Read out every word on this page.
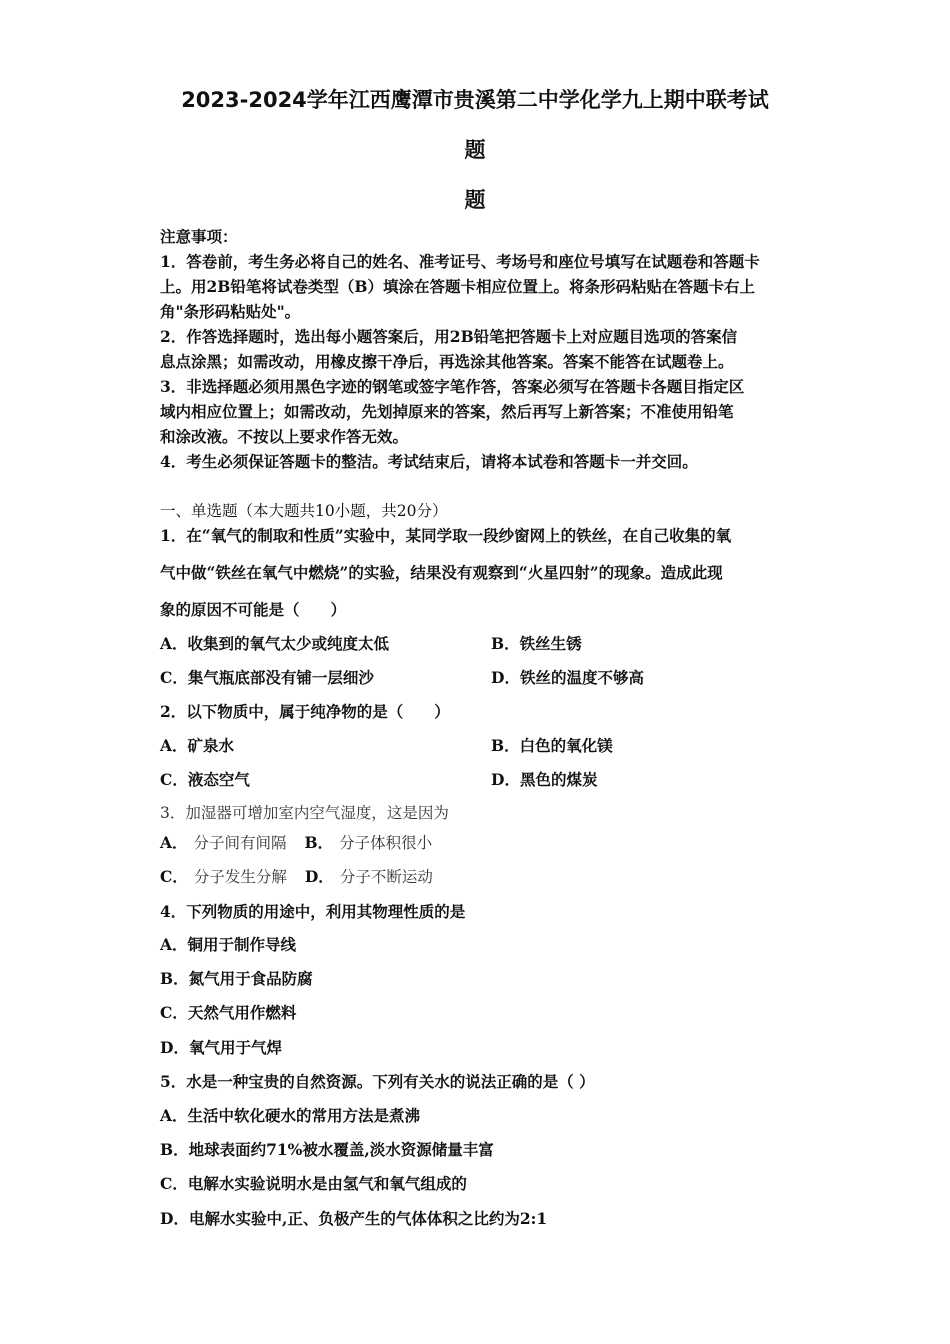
2023-2024学年江西鹰潭市贵溪第二中学化学九上期中联考试
题
题
注意事项：
1．答卷前，考生务必将自己的姓名、准考证号、考场号和座位号填写在试题卷和答题卡
上。用2B铅笔将试卷类型（B）填涂在答题卡相应位置上。将条形码粘贴在答题卡右上
角"条形码粘贴处"。
2．作答选择题时，选出每小题答案后，用2B铅笔把答题卡上对应题目选项的答案信
息点涂黑；如需改动，用橡皮擦干净后，再选涂其他答案。答案不能答在试题卷上。
3．非选择题必须用黑色字迹的钢笔或签字笔作答，答案必须写在答题卡各题目指定区
域内相应位置上；如需改动，先划掉原来的答案，然后再写上新答案；不准使用铅笔
和涂改液。不按以上要求作答无效。
4．考生必须保证答题卡的整洁。考试结束后，请将本试卷和答题卡一并交回。
一、单选题（本大题共10小题，共20分）
1．在“氧气的制取和性质”实验中，某同学取一段纱窗网上的铁丝，在自己收集的氧
气中做“铁丝在氧气中燃烧”的实验，结果没有观察到“火星四射”的现象。造成此现
象的原因不可能是（　　）
A．收集到的氧气太少或纯度太低	B．铁丝生锈
C．集气瓶底部没有铺一层细沙	D．铁丝的温度不够高
2．以下物质中，属于纯净物的是（　　）
A．矿泉水	B．白色的氧化镁
C．液态空气	D．黑色的煤炭
3．加湿器可增加室内空气湿度，这是因为
A． 分子间有间隔 B． 分子体积很小
C． 分子发生分解 D． 分子不断运动
4．下列物质的用途中，利用其物理性质的是
A．铜用于制作导线
B．氮气用于食品防腐
C．天然气用作燃料
D．氧气用于气焊
5．水是一种宝贵的自然资源。下列有关水的说法正确的是（ ）
A．生活中软化硬水的常用方法是煮沸
B．地球表面约71%被水覆盖,淡水资源储量丰富
C．电解水实验说明水是由氢气和氧气组成的
D．电解水实验中,正、负极产生的气体体积之比约为2:1
